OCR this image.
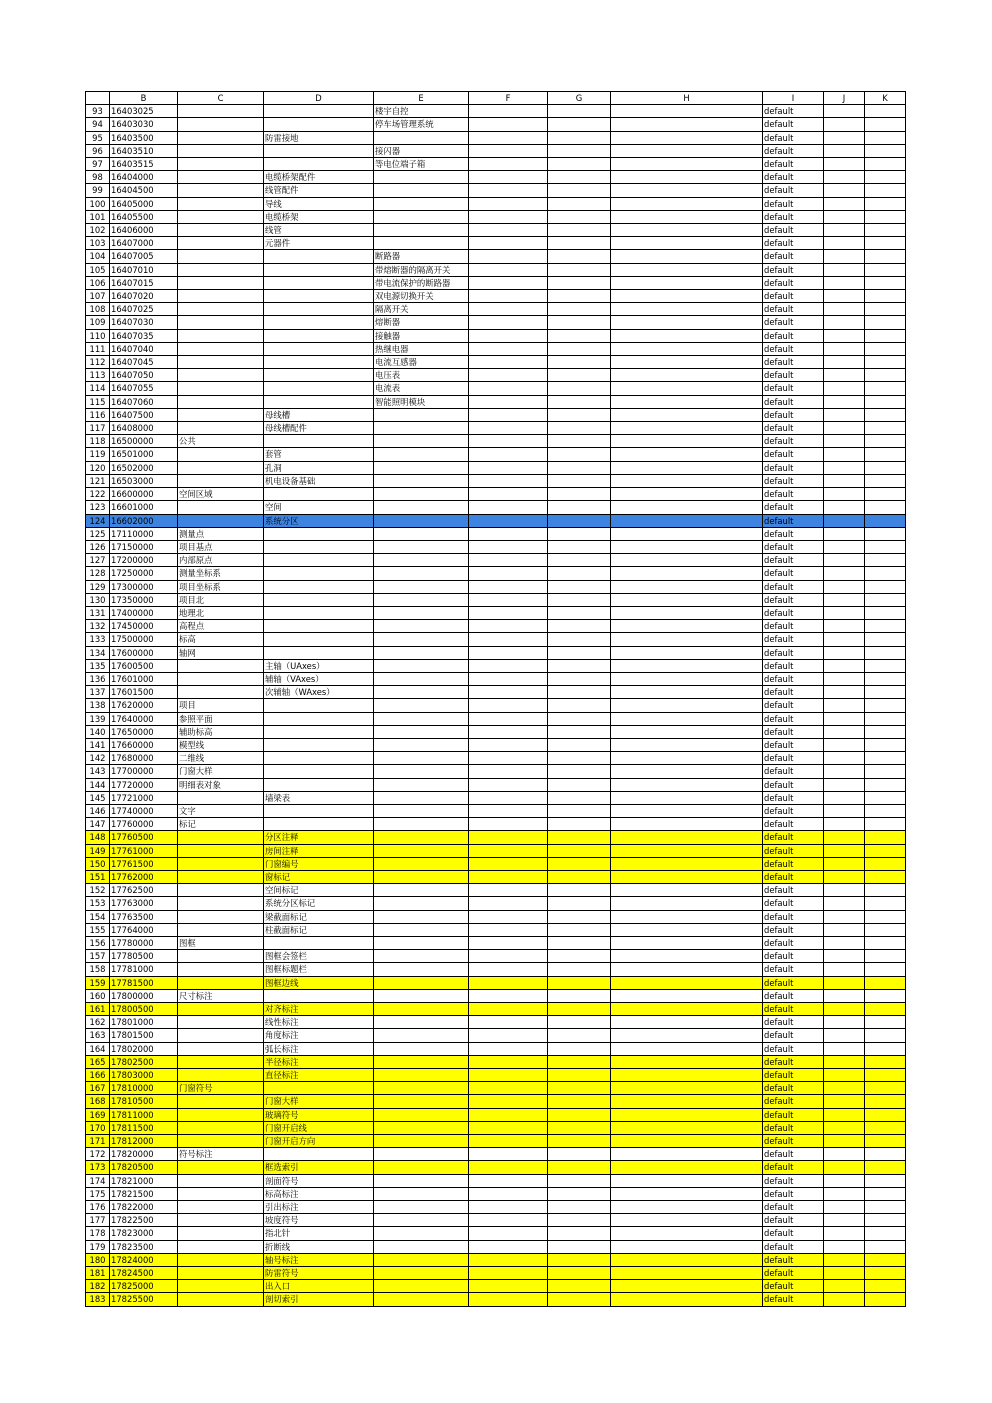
	B	C	D	E	F	G	H	I	J	K
93	16403025			楼宇自控				default		
94	16403030			停车场管理系统				default		
95	16403500		防雷接地					default		
96	16403510			接闪器				default		
97	16403515			等电位端子箱				default		
98	16404000		电缆桥架配件					default		
99	16404500		线管配件					default		
100	16405000		导线					default		
101	16405500		电缆桥架					default		
102	16406000		线管					default		
103	16407000		元器件					default		
104	16407005			断路器				default		
105	16407010			带熔断器的隔离开关				default		
106	16407015			带电流保护的断路器				default		
107	16407020			双电源切换开关				default		
108	16407025			隔离开关				default		
109	16407030			熔断器				default		
110	16407035			接触器				default		
111	16407040			热继电器				default		
112	16407045			电流互感器				default		
113	16407050			电压表				default		
114	16407055			电流表				default		
115	16407060			智能照明模块				default		
116	16407500		母线槽					default		
117	16408000		母线槽配件					default		
118	16500000	公共						default		
119	16501000		套管					default		
120	16502000		孔洞					default		
121	16503000		机电设备基础					default		
122	16600000	空间区域						default		
123	16601000		空间					default		
124	16602000		系统分区					default		
125	17110000	测量点						default		
126	17150000	项目基点						default		
127	17200000	内部原点						default		
128	17250000	测量坐标系						default		
129	17300000	项目坐标系						default		
130	17350000	项目北						default		
131	17400000	地理北						default		
132	17450000	高程点						default		
133	17500000	标高						default		
134	17600000	轴网						default		
135	17600500		主轴（UAxes）					default		
136	17601000		辅轴（VAxes）					default		
137	17601500		次辅轴（WAxes）					default		
138	17620000	项目						default		
139	17640000	参照平面						default		
140	17650000	辅助标高						default		
141	17660000	模型线						default		
142	17680000	二维线						default		
143	17700000	门窗大样						default		
144	17720000	明细表对象						default		
145	17721000		墙梁表					default		
146	17740000	文字						default		
147	17760000	标记						default		
148	17760500		分区注释					default		
149	17761000		房间注释					default		
150	17761500		门窗编号					default		
151	17762000		窗标记					default		
152	17762500		空间标记					default		
153	17763000		系统分区标记					default		
154	17763500		梁截面标记					default		
155	17764000		柱截面标记					default		
156	17780000	图框						default		
157	17780500		图框会签栏					default		
158	17781000		图框标题栏					default		
159	17781500		图框边线					default		
160	17800000	尺寸标注						default		
161	17800500		对齐标注					default		
162	17801000		线性标注					default		
163	17801500		角度标注					default		
164	17802000		弧长标注					default		
165	17802500		半径标注					default		
166	17803000		直径标注					default		
167	17810000	门窗符号						default		
168	17810500		门窗大样					default		
169	17811000		玻璃符号					default		
170	17811500		门窗开启线					default		
171	17812000		门窗开启方向					default		
172	17820000	符号标注						default		
173	17820500		框选索引					default		
174	17821000		剖面符号					default		
175	17821500		标高标注					default		
176	17822000		引出标注					default		
177	17822500		坡度符号					default		
178	17823000		指北针					default		
179	17823500		折断线					default		
180	17824000		轴号标注					default		
181	17824500		防雷符号					default		
182	17825000		出入口					default		
183	17825500		剖切索引					default		
